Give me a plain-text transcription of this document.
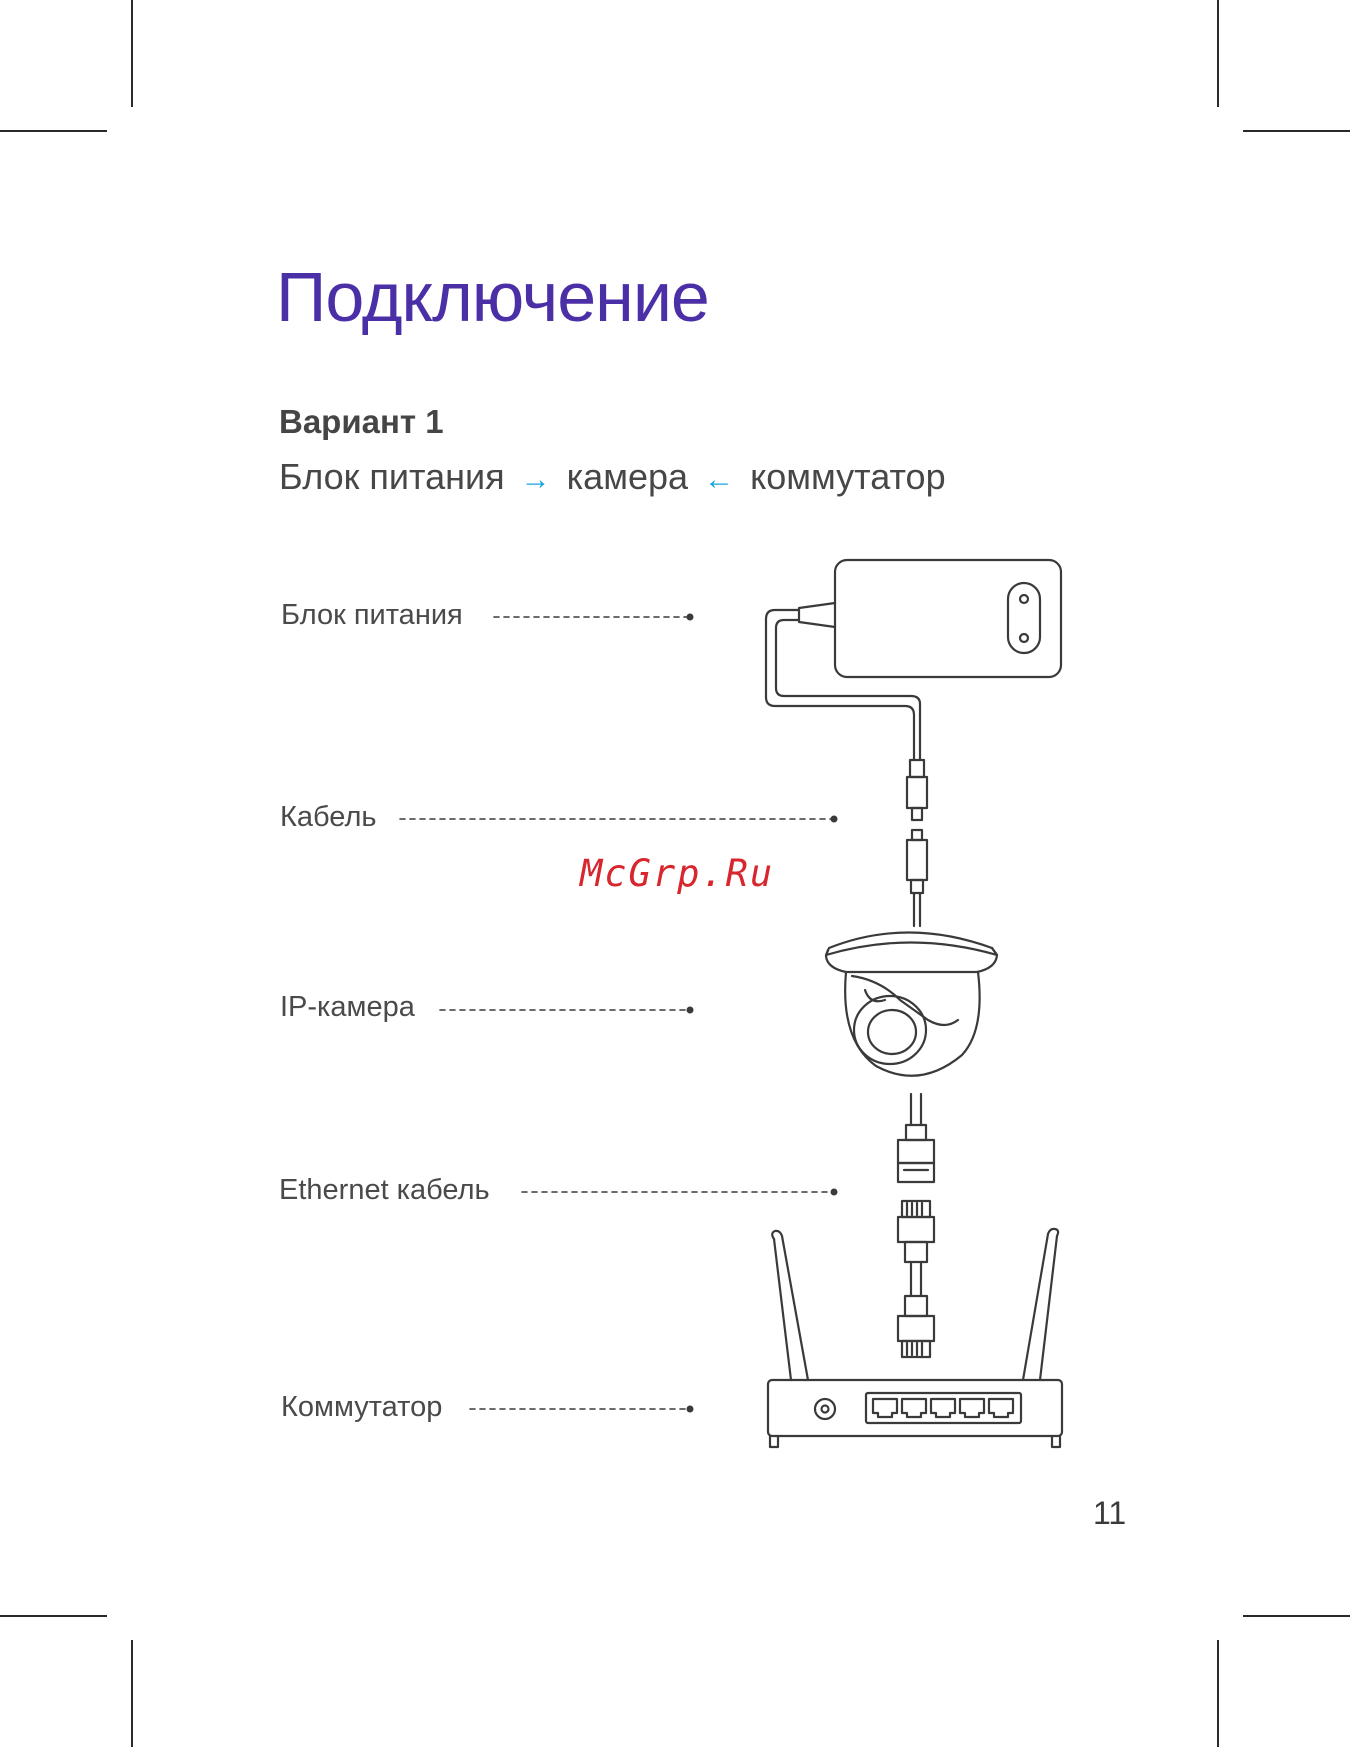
Подключение
Вариант 1
Блок питания → камера ← коммутатор
Блок питания
Кабель
IP-камера
Ethernet кабель
Коммутатор
McGrp.Ru
11
